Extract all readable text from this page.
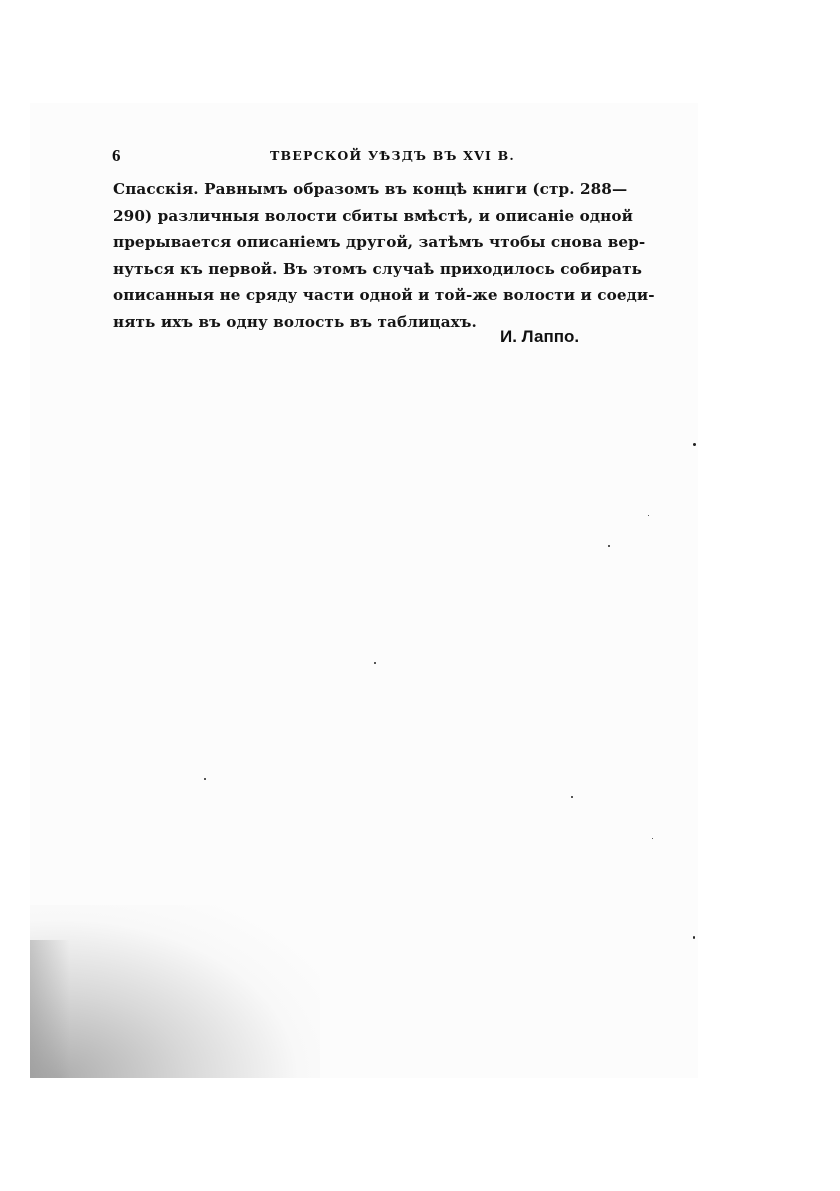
6	ТВЕРСКОЙ УѢЗДЪ ВЪ XVI В.
Спасскія. Равнымъ образомъ въ концѣ книги (стр. 288—
290) различныя волости сбиты вмѣстѣ, и описаніе одной
прерывается описаніемъ другой, затѣмъ чтобы снова вер-
нуться къ первой. Въ этомъ случаѣ приходилось собирать
описанныя не сряду части одной и той-же волости и соеди-
нять ихъ въ одну волость въ таблицахъ.
И. Лаппо.
